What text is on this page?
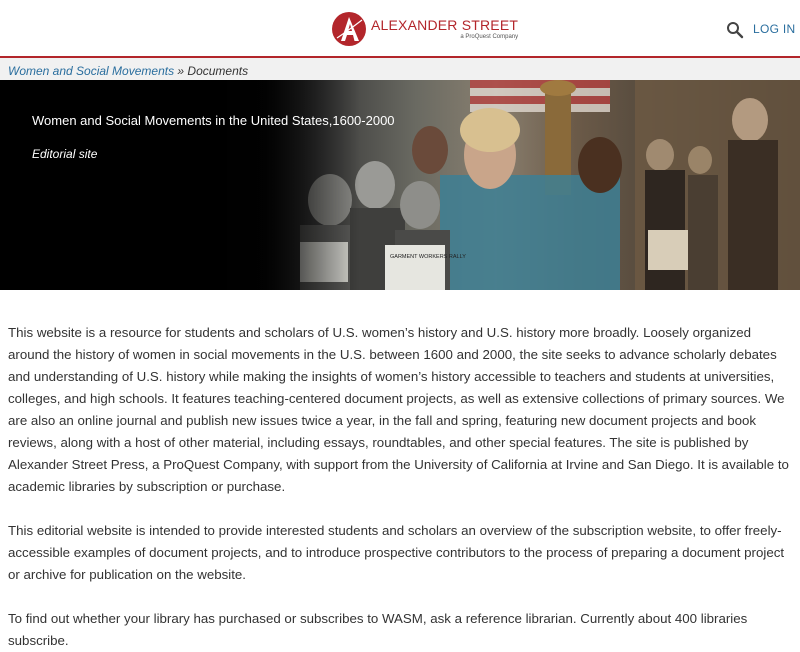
ALEXANDER STREET
a ProQuest Company
LOG IN
Women and Social Movements » Documents
Women and Social Movements in the United States,1600-2000
Editorial site

This website is a resource for students and scholars of U.S. women’s history and U.S. history more broadly. Loosely organized around the history of women in social movements in the U.S. between 1600 and 2000, the site seeks to advance scholarly debates and understanding of U.S. history while making the insights of women’s history accessible to teachers and students at universities, colleges, and high schools. It features teaching-centered document projects, as well as extensive collections of primary sources. We are also an online journal and publish new issues twice a year, in the fall and spring, featuring new document projects and book reviews, along with a host of other material, including essays, roundtables, and other special features. The site is published by Alexander Street Press, a ProQuest Company, with support from the University of California at Irvine and San Diego. It is available to academic libraries by subscription or purchase.

This editorial website is intended to provide interested students and scholars an overview of the subscription website, to offer freely-accessible examples of document projects, and to introduce prospective contributors to the process of preparing a document project or archive for publication on the website.

To find out whether your library has purchased or subscribes to WASM, ask a reference librarian. Currently about 400 libraries subscribe.
